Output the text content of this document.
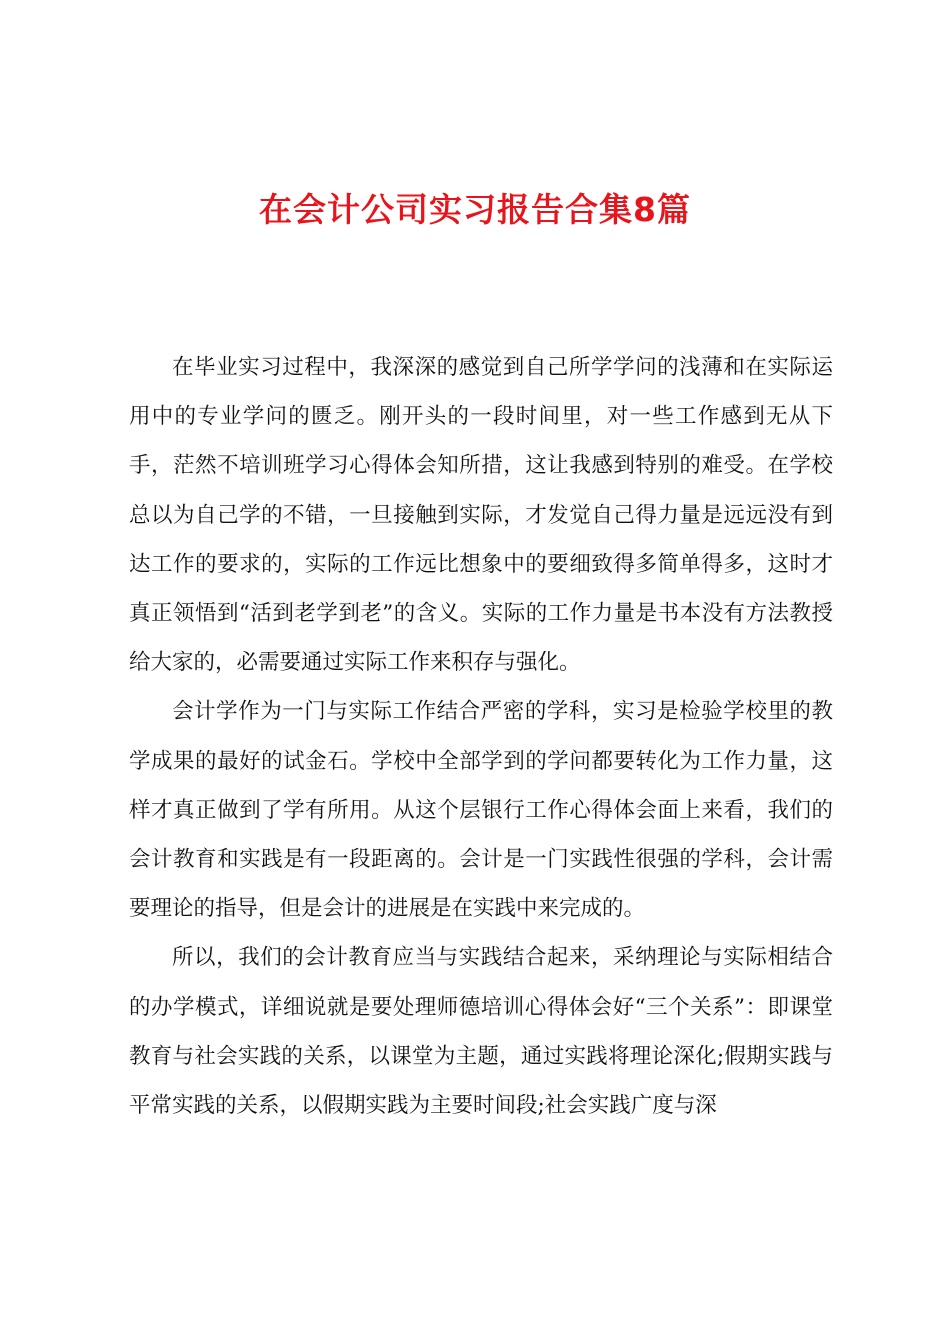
在会计公司实习报告合集8篇

在毕业实习过程中，我深深的感觉到自己所学学问的浅薄和在实际运用中的专业学问的匮乏。刚开头的一段时间里，对一些工作感到无从下手，茫然不培训班学习心得体会知所措，这让我感到特别的难受。在学校总以为自己学的不错，一旦接触到实际，才发觉自己得力量是远远没有到达工作的要求的，实际的工作远比想象中的要细致得多简单得多，这时才真正领悟到“活到老学到老”的含义。实际的工作力量是书本没有方法教授给大家的，必需要通过实际工作来积存与强化。

会计学作为一门与实际工作结合严密的学科，实习是检验学校里的教学成果的最好的试金石。学校中全部学到的学问都要转化为工作力量，这样才真正做到了学有所用。从这个层银行工作心得体会面上来看，我们的会计教育和实践是有一段距离的。会计是一门实践性很强的学科，会计需要理论的指导，但是会计的进展是在实践中来完成的。

所以，我们的会计教育应当与实践结合起来，采纳理论与实际相结合的办学模式，详细说就是要处理师德培训心得体会好“三个关系”：即课堂教育与社会实践的关系，以课堂为主题，通过实践将理论深化;假期实践与平常实践的关系，以假期实践为主要时间段;社会实践广度与深
